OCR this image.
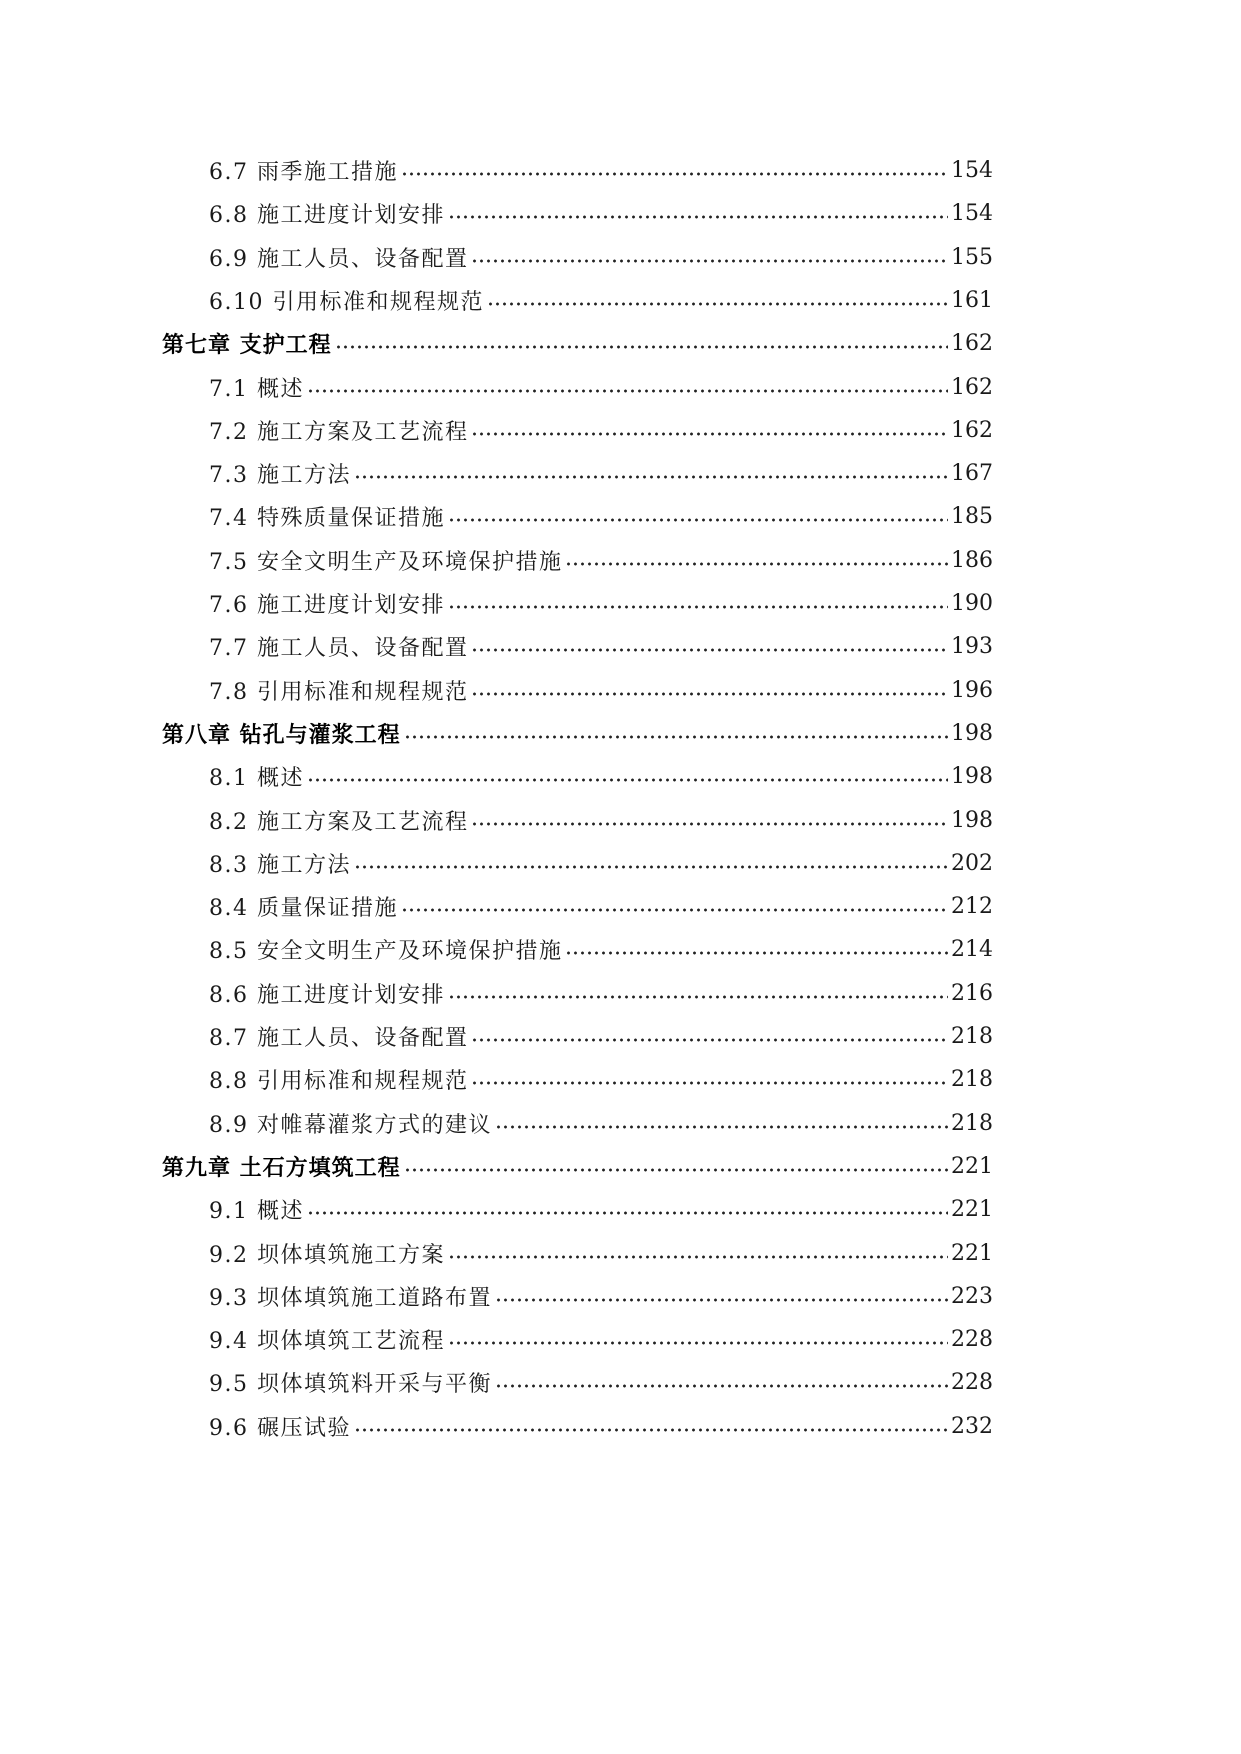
6.7 雨季施工措施	154
6.8 施工进度计划安排	154
6.9 施工人员、设备配置	155
6.10 引用标准和规程规范	161
第七章 支护工程	162
7.1 概述	162
7.2 施工方案及工艺流程	162
7.3 施工方法	167
7.4 特殊质量保证措施	185
7.5 安全文明生产及环境保护措施	186
7.6 施工进度计划安排	190
7.7 施工人员、设备配置	193
7.8 引用标准和规程规范	196
第八章 钻孔与灌浆工程	198
8.1 概述	198
8.2 施工方案及工艺流程	198
8.3 施工方法	202
8.4 质量保证措施	212
8.5 安全文明生产及环境保护措施	214
8.6 施工进度计划安排	216
8.7 施工人员、设备配置	218
8.8 引用标准和规程规范	218
8.9 对帷幕灌浆方式的建议	218
第九章 土石方填筑工程	221
9.1 概述	221
9.2 坝体填筑施工方案	221
9.3 坝体填筑施工道路布置	223
9.4 坝体填筑工艺流程	228
9.5 坝体填筑料开采与平衡	228
9.6 碾压试验	232
